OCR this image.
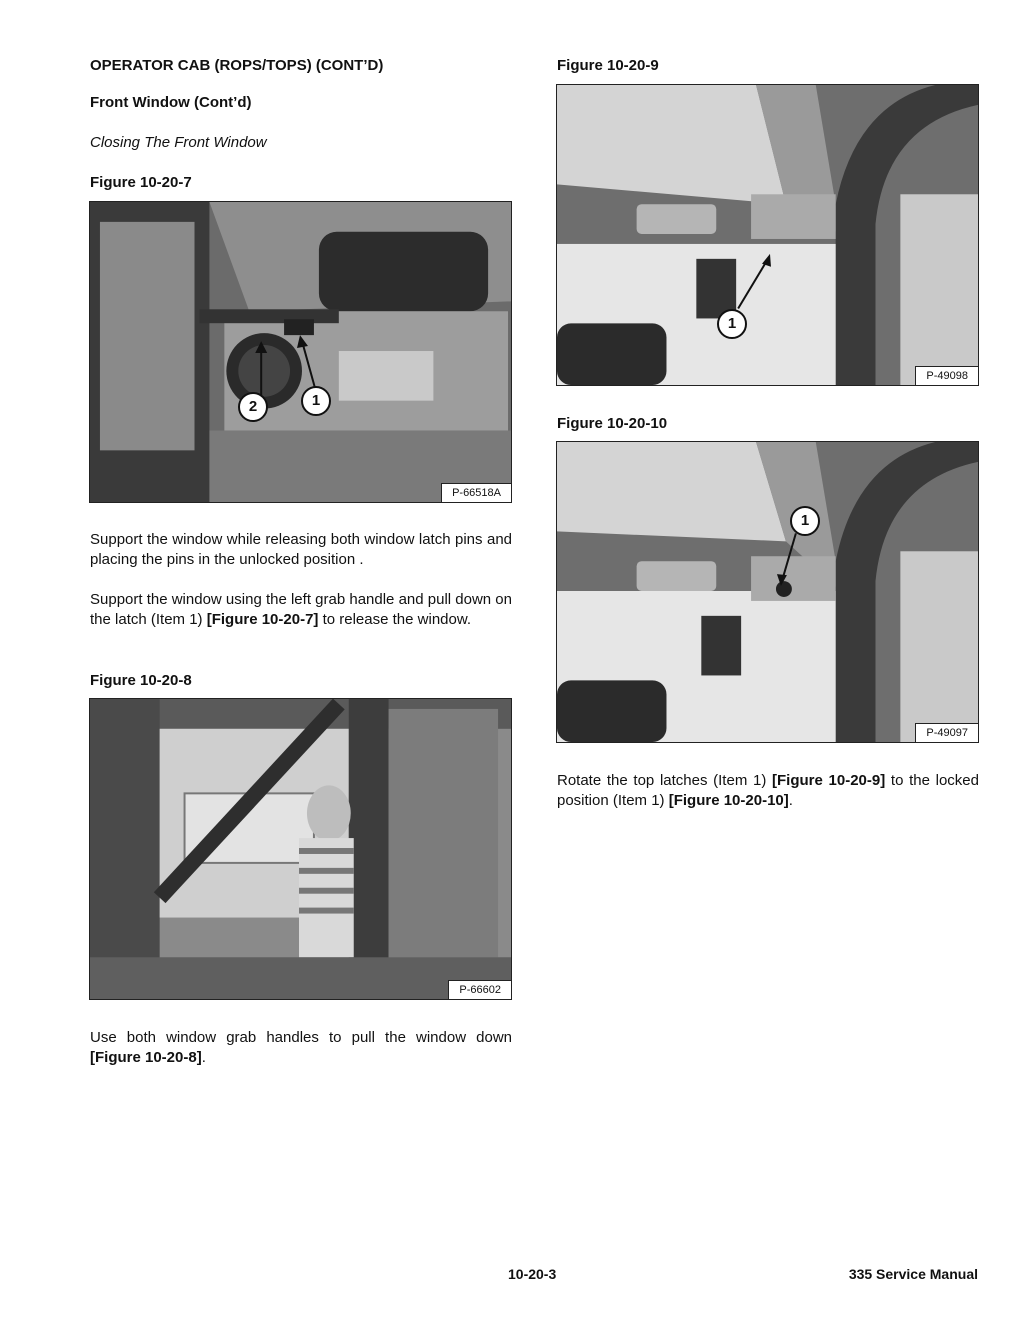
OPERATOR CAB (ROPS/TOPS) (CONT’D)
Front Window (Cont’d)
Closing The Front Window
Figure 10-20-7
2	1
P-66518A
Support the window while releasing both window latch pins and placing the pins in the unlocked position .
Support the window using the left grab handle and pull down on the latch (Item 1) [Figure 10-20-7] to release the window.
Figure 10-20-8
P-66602
Use both window grab handles to pull the window down [Figure 10-20-8].
Figure 10-20-9
1
P-49098
Figure 10-20-10
1
P-49097
Rotate the top latches (Item 1) [Figure 10-20-9] to the locked position (Item 1) [Figure 10-20-10].
10-20-3	335 Service Manual
